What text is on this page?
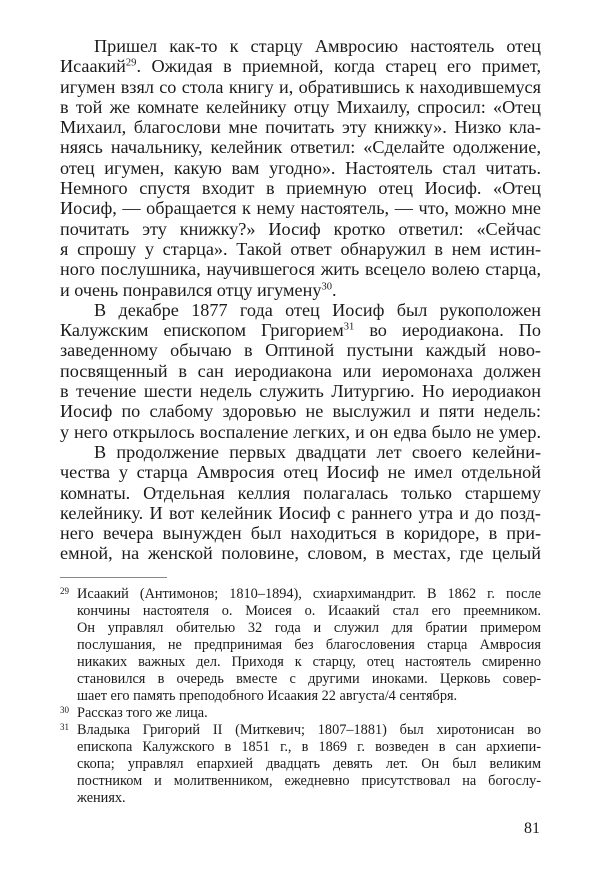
Пришел как-то к старцу Амвросию настоятель отец
Исаакий$^{29}$. Ожидая в приемной, когда старец его примет,
игумен взял со стола книгу и, обратившись к находившемуся
в той же комнате келейнику отцу Михаилу, спросил: «Отец
Михаил, благослови мне почитать эту книжку». Низко кла-
няясь начальнику, келейник ответил: «Сделайте одолжение,
отец игумен, какую вам угодно». Настоятель стал читать.
Немного спустя входит в приемную отец Иосиф. «Отец
Иосиф, — обращается к нему настоятель, — что, можно мне
почитать эту книжку?» Иосиф кротко ответил: «Сейчас
я спрошу у старца». Такой ответ обнаружил в нем истин-
ного послушника, научившегося жить всецело волею старца,
и очень понравился отцу игумену$^{30}$.
В декабре 1877 года отец Иосиф был рукоположен
Калужским епископом Григорием$^{31}$ во иеродиакона. По
заведенному обычаю в Оптиной пустыни каждый ново-
посвященный в сан иеродиакона или иеромонаха должен
в течение шести недель служить Литургию. Но иеродиакон
Иосиф по слабому здоровью не выслужил и пяти недель:
у него открылось воспаление легких, и он едва было не умер.
В продолжение первых двадцати лет своего келейни-
чества у старца Амвросия отец Иосиф не имел отдельной
комнаты. Отдельная келлия полагалась только старшему
келейнику. И вот келейник Иосиф с раннего утра и до позд-
него вечера вынужден был находиться в коридоре, в при-
емной, на женской половине, словом, в местах, где целый
29 Исаакий (Антимонов; 1810–1894), схиархимандрит. В 1862 г. после
кончины настоятеля о. Моисея о. Исаакий стал его преемником.
Он управлял обителью 32 года и служил для братии примером
послушания, не предпринимая без благословения старца Амвросия
никаких важных дел. Приходя к старцу, отец настоятель смиренно
становился в очередь вместе с другими иноками. Церковь совер-
шает его память преподобного Исаакия 22 августа/4 сентября.
30 Рассказ того же лица.
31 Владыка Григорий II (Миткевич; 1807–1881) был хиротонисан во
епископа Калужского в 1851 г., в 1869 г. возведен в сан архиепи-
скопа; управлял епархией двадцать девять лет. Он был великим
постником и молитвенником, ежедневно присутствовал на богослу-
жениях.
81
